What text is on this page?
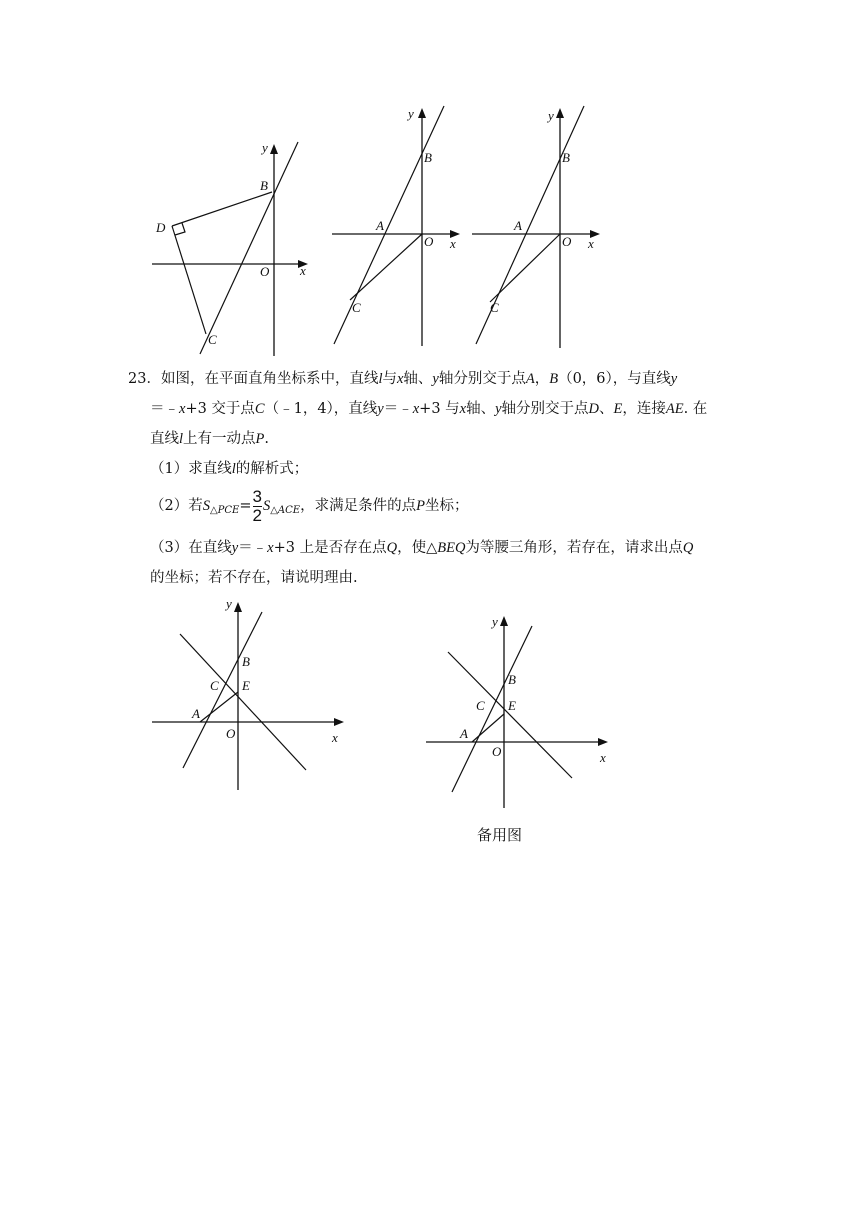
y
x
B
D
O
C
y
x
B
A
O
C
y
x
B
A
O
C

23．如图，在平面直角坐标系中，直线l与x轴、y轴分别交于点A，B（0，6），与直线y

＝﹣x+3 交于点C（﹣1，4），直线y＝﹣x+3 与x轴、y轴分别交于点D、E，连接AE. 在

直线l上有一动点P.

（1）求直线l的解析式；

（2）若$S_{\triangle PCE}= \frac{3}{2} S_{\triangle ACE}$，求满足条件的点P坐标；

（3）在直线y＝﹣x+3 上是否存在点Q，使△BEQ为等腰三角形，若存在，请求出点Q

的坐标；若不存在，请说明理由.

y
x
B
C E
A
O
y
x
B
C E
A
O
备用图
